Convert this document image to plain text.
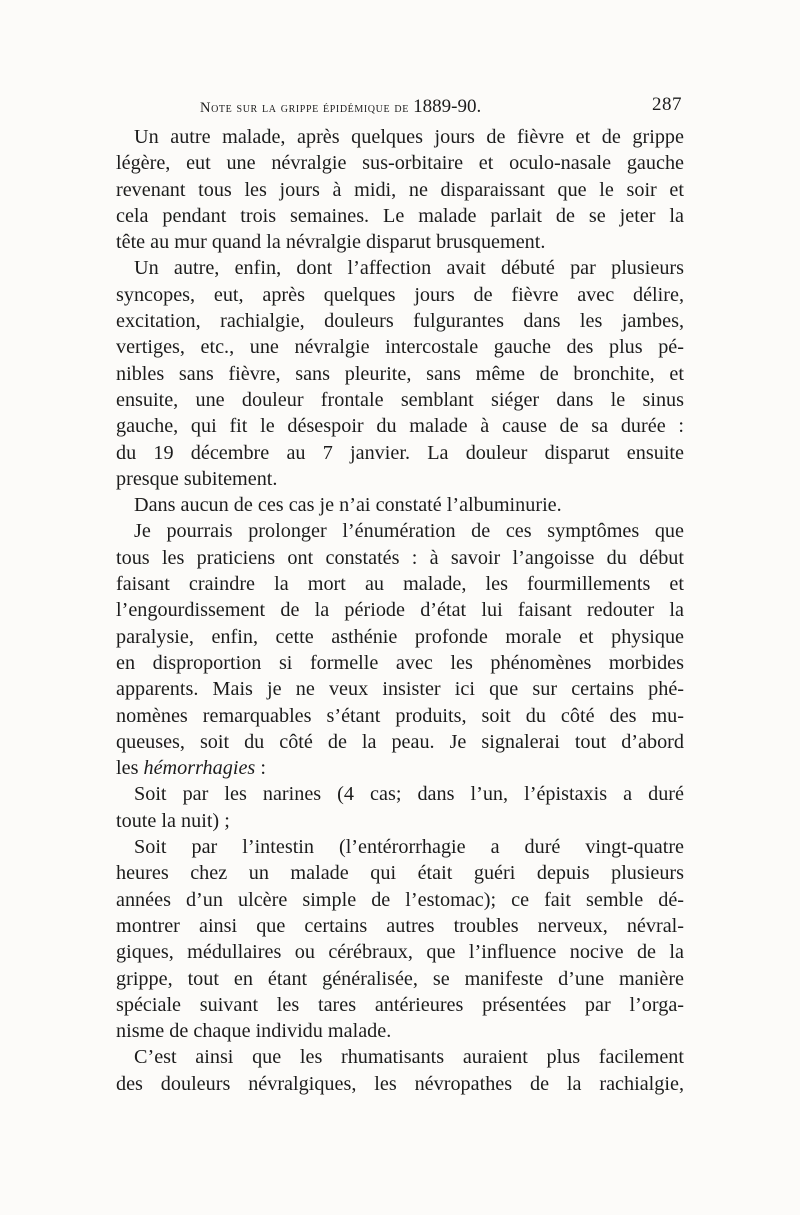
Note sur la grippe épidémique de 1889-90.	287
Un autre malade, après quelques jours de fièvre et de grippe
légère, eut une névralgie sus-orbitaire et oculo-nasale gauche
revenant tous les jours à midi, ne disparaissant que le soir et
cela pendant trois semaines. Le malade parlait de se jeter la
tête au mur quand la névralgie disparut brusquement.
Un autre, enfin, dont l’affection avait débuté par plusieurs
syncopes, eut, après quelques jours de fièvre avec délire,
excitation, rachialgie, douleurs fulgurantes dans les jambes,
vertiges, etc., une névralgie intercostale gauche des plus pé-
nibles sans fièvre, sans pleurite, sans même de bronchite, et
ensuite, une douleur frontale semblant siéger dans le sinus
gauche, qui fit le désespoir du malade à cause de sa durée :
du 19 décembre au 7 janvier. La douleur disparut ensuite
presque subitement.
Dans aucun de ces cas je n’ai constaté l’albuminurie.
Je pourrais prolonger l’énumération de ces symptômes que
tous les praticiens ont constatés : à savoir l’angoisse du début
faisant craindre la mort au malade, les fourmillements et
l’engourdissement de la période d’état lui faisant redouter la
paralysie, enfin, cette asthénie profonde morale et physique
en disproportion si formelle avec les phénomènes morbides
apparents. Mais je ne veux insister ici que sur certains phé-
nomènes remarquables s’étant produits, soit du côté des mu-
queuses, soit du côté de la peau. Je signalerai tout d’abord
les hémorrhagies :
Soit par les narines (4 cas; dans l’un, l’épistaxis a duré
toute la nuit) ;
Soit par l’intestin (l’entérorrhagie a duré vingt-quatre
heures chez un malade qui était guéri depuis plusieurs
années d’un ulcère simple de l’estomac); ce fait semble dé-
montrer ainsi que certains autres troubles nerveux, névral-
giques, médullaires ou cérébraux, que l’influence nocive de la
grippe, tout en étant généralisée, se manifeste d’une manière
spéciale suivant les tares antérieures présentées par l’orga-
nisme de chaque individu malade.
C’est ainsi que les rhumatisants auraient plus facilement
des douleurs névralgiques, les névropathes de la rachialgie,
